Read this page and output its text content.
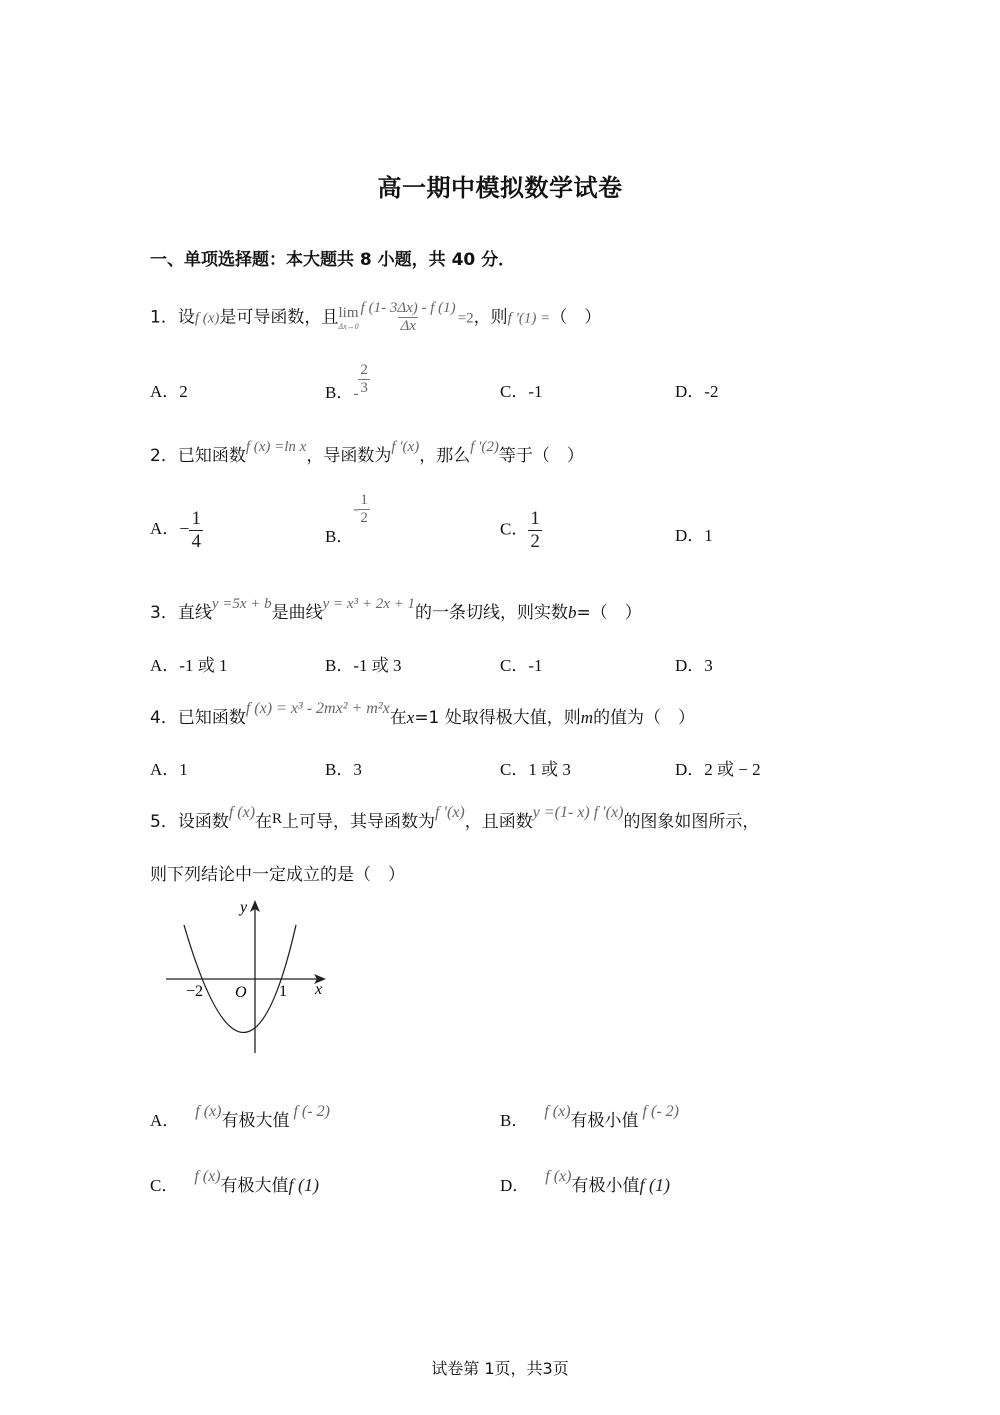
高一期中模拟数学试卷
一、单项选择题：本大题共 8 小题，共 40 分．
1．设f (x)是可导函数，且 lim
$\Delta x\to 0 \frac{f (1- 3\Delta x) - f (1)}{\Delta x} =2$，则f ′(1) =（　）
A．2	B．- $\frac{2}{3}$	C．-1	D．-2
2．已知函数f (x) =ln x，导函数为f ′(x)，那么f ′(2)等于（　）
A．− $\frac{1}{4}$	B．- $\frac{1}{2}$
C． $\frac{1}{2}$	D．1
3．直线y =5x + b是曲线y = x³ + 2x + 1的一条切线，则实数b=（　）
A．-1 或 1	B．-1 或 3	C．-1	D．3
4．已知函数f (x) = x³ - 2mx² + m²x在x=1 处取得极大值，则m的值为（　）
A．1	B．3	C．1 或 3	D．2 或 − 2
5．设函数f (x)在R上可导，其导函数为f ′(x)，且函数y =(1- x) f ′(x)的图象如图所示，
则下列结论中一定成立的是（　）
y
x
O
−2	1
A． f (x)有极大值 f (- 2)	B． f (x)有极小值 f (- 2)
C． f (x)有极大值f (1)	D． f (x)有极小值f (1)
试卷第 1页，共3页
